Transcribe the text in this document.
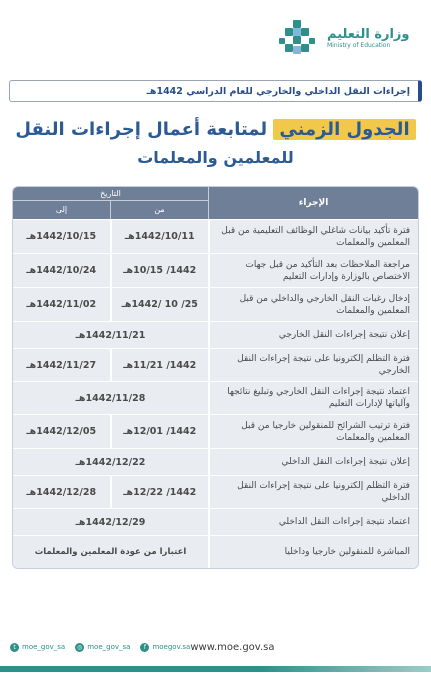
وزارة التعليم
Ministry of Education
إجراءات النقل الداخلي والخارجي للعام الدراسي 1442هـ
الجدول الزمني لمتابعة أعمال إجراءات النقل
للمعلمين والمعلمات
الإجراء
التاريخ
من
إلى
فترة تأكيد بيانات شاغلي الوظائف التعليمية من قبل المعلمين والمعلمات
1442/10/11هـ
1442/10/15هـ
مراجعة الملاحظات بعد التأكيد من قبل جهات الاختصاص بالوزارة وإدارات التعليم
1442/ 10/15هـ
1442/10/24هـ
إدخال رغبات النقل الخارجي والداخلي من قبل المعلمين والمعلمات
25/ 10 /1442هـ
1442/11/02هـ
إعلان نتيجة إجراءات النقل الخارجي
1442/11/21هـ
فترة التظلم إلكترونيا على نتيجة إجراءات النقل الخارجي
1442/ 11/21هـ
1442/11/27هـ
اعتماد نتيجة إجراءات النقل الخارجي وتبليغ نتائجها وآلياتها لإدارات التعليم
1442/11/28هـ
فترة ترتيب الشرائح للمنقولين خارجيا من قبل المعلمين والمعلمات
1442/ 12/01هـ
1442/12/05هـ
إعلان نتيجة إجراءات النقل الداخلي
1442/12/22هـ
فترة التظلم إلكترونيا على نتيجة إجراءات النقل الداخلي
1442/ 12/22هـ
1442/12/28هـ
اعتماد نتيجة إجراءات النقل الداخلي
1442/12/29هـ
المباشرة للمنقولين خارجيا وداخليا
اعتبارا من عودة المعلمين والمعلمات
t moe_gov_sa	◎ moe_gov_sa	f moegov.sa www.moe.gov.sa
